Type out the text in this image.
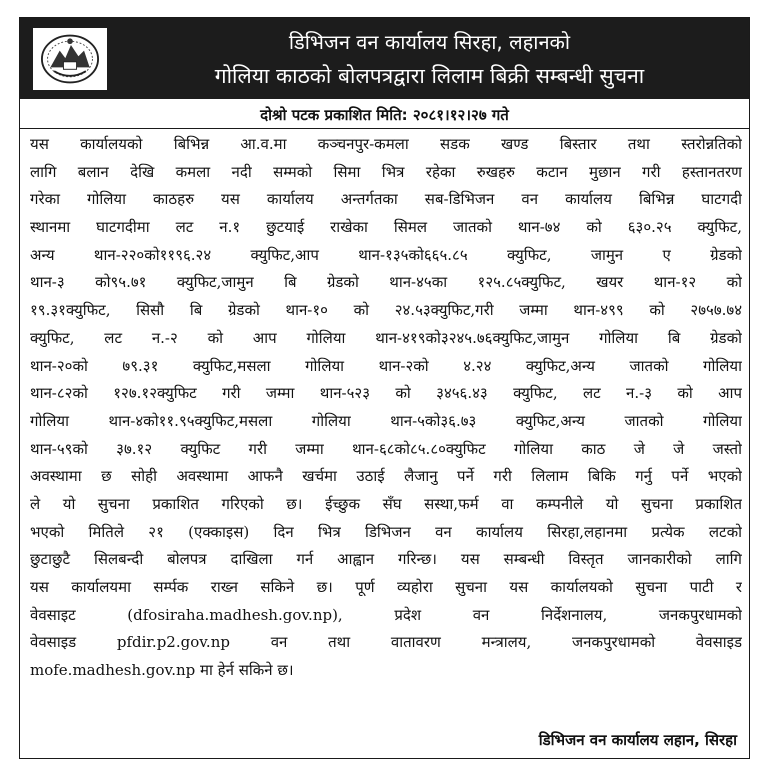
डिभिजन वन कार्यालय सिरहा, लहानको
गोलिया काठको बोलपत्रद्वारा लिलाम बिक्री सम्बन्धी सुचना
दोश्रो पटक प्रकाशित मिति: २०८१।१२।२७ गते
यस कार्यालयको बिभिन्न आ.व.मा कञ्चनपुर-कमला सडक खण्ड बिस्तार तथा स्तरोन्नतिको
लागि बलान देखि कमला नदी सम्मको सिमा भित्र रहेका रुखहरु कटान मुछान गरी हस्तानतरण
गरेका गोलिया काठहरु यस कार्यालय अन्तर्गतका सब-डिभिजन वन कार्यालय बिभिन्न घाटगदी
स्थानमा घाटगदीमा लट न.१ छुटयाई राखेका सिमल जातको थान-७४ को ६३०.२५ क्युफिट,
अन्य थान-२२०को११९६.२४ क्युफिट,आप थान-१३५को६६५.८५ क्युफिट, जामुन ए ग्रेडको
थान-३ को९५.७१ क्युफिट,जामुन बि ग्रेडको थान-४५का १२५.८५क्युफिट, खयर थान-१२ को
१९.३१क्युफिट, सिसौ बि ग्रेडको थान-१० को २४.५३क्युफिट,गरी जम्मा थान-४९९ को २७५७.७४
क्युफिट, लट न.-२ को आप गोलिया थान-४१९को३२४५.७६क्युफिट,जामुन गोलिया बि ग्रेडको
थान-२०को ७९.३१ क्युफिट,मसला गोलिया थान-२को ४.२४ क्युफिट,अन्य जातको गोलिया
थान-८२को १२७.१२क्युफिट गरी जम्मा थान-५२३ को ३४५६.४३ क्युफिट, लट न.-३ को आप
गोलिया थान-४को११.९५क्युफिट,मसला गोलिया थान-५को३६.७३ क्युफिट,अन्य जातको गोलिया
थान-५९को ३७.१२ क्युफिट गरी जम्मा थान-६८को८५.८०क्युफिट गोलिया काठ जे जे जस्तो
अवस्थामा छ सोही अवस्थामा आफनै खर्चमा उठाई लैजानु पर्ने गरी लिलाम बिकि गर्नु पर्ने भएको
ले यो सुचना प्रकाशित गरिएको छ। ईच्छुक सँघ सस्था,फर्म वा कम्पनीले यो सुचना प्रकाशित
भएको मितिले २१ (एक्काइस) दिन भित्र डिभिजन वन कार्यालय सिरहा,लहानमा प्रत्येक लटको
छुटाछुटै सिलबन्दी बोलपत्र दाखिला गर्न आह्वान गरिन्छ। यस सम्बन्धी विस्तृत जानकारीको लागि
यस कार्यालयमा सर्म्पक राख्न सकिने छ। पूर्ण व्यहोरा सुचना यस कार्यालयको सुचना पाटी र
वेवसाइट (dfosiraha.madhesh.gov.np), प्रदेश वन निर्देशनालय, जनकपुरधामको
वेवसाइड pfdir.p2.gov.np वन तथा वातावरण मन्त्रालय, जनकपुरधामको वेवसाइड
mofe.madhesh.gov.np मा हेर्न सकिने छ।
डिभिजन वन कार्यालय लहान, सिरहा
